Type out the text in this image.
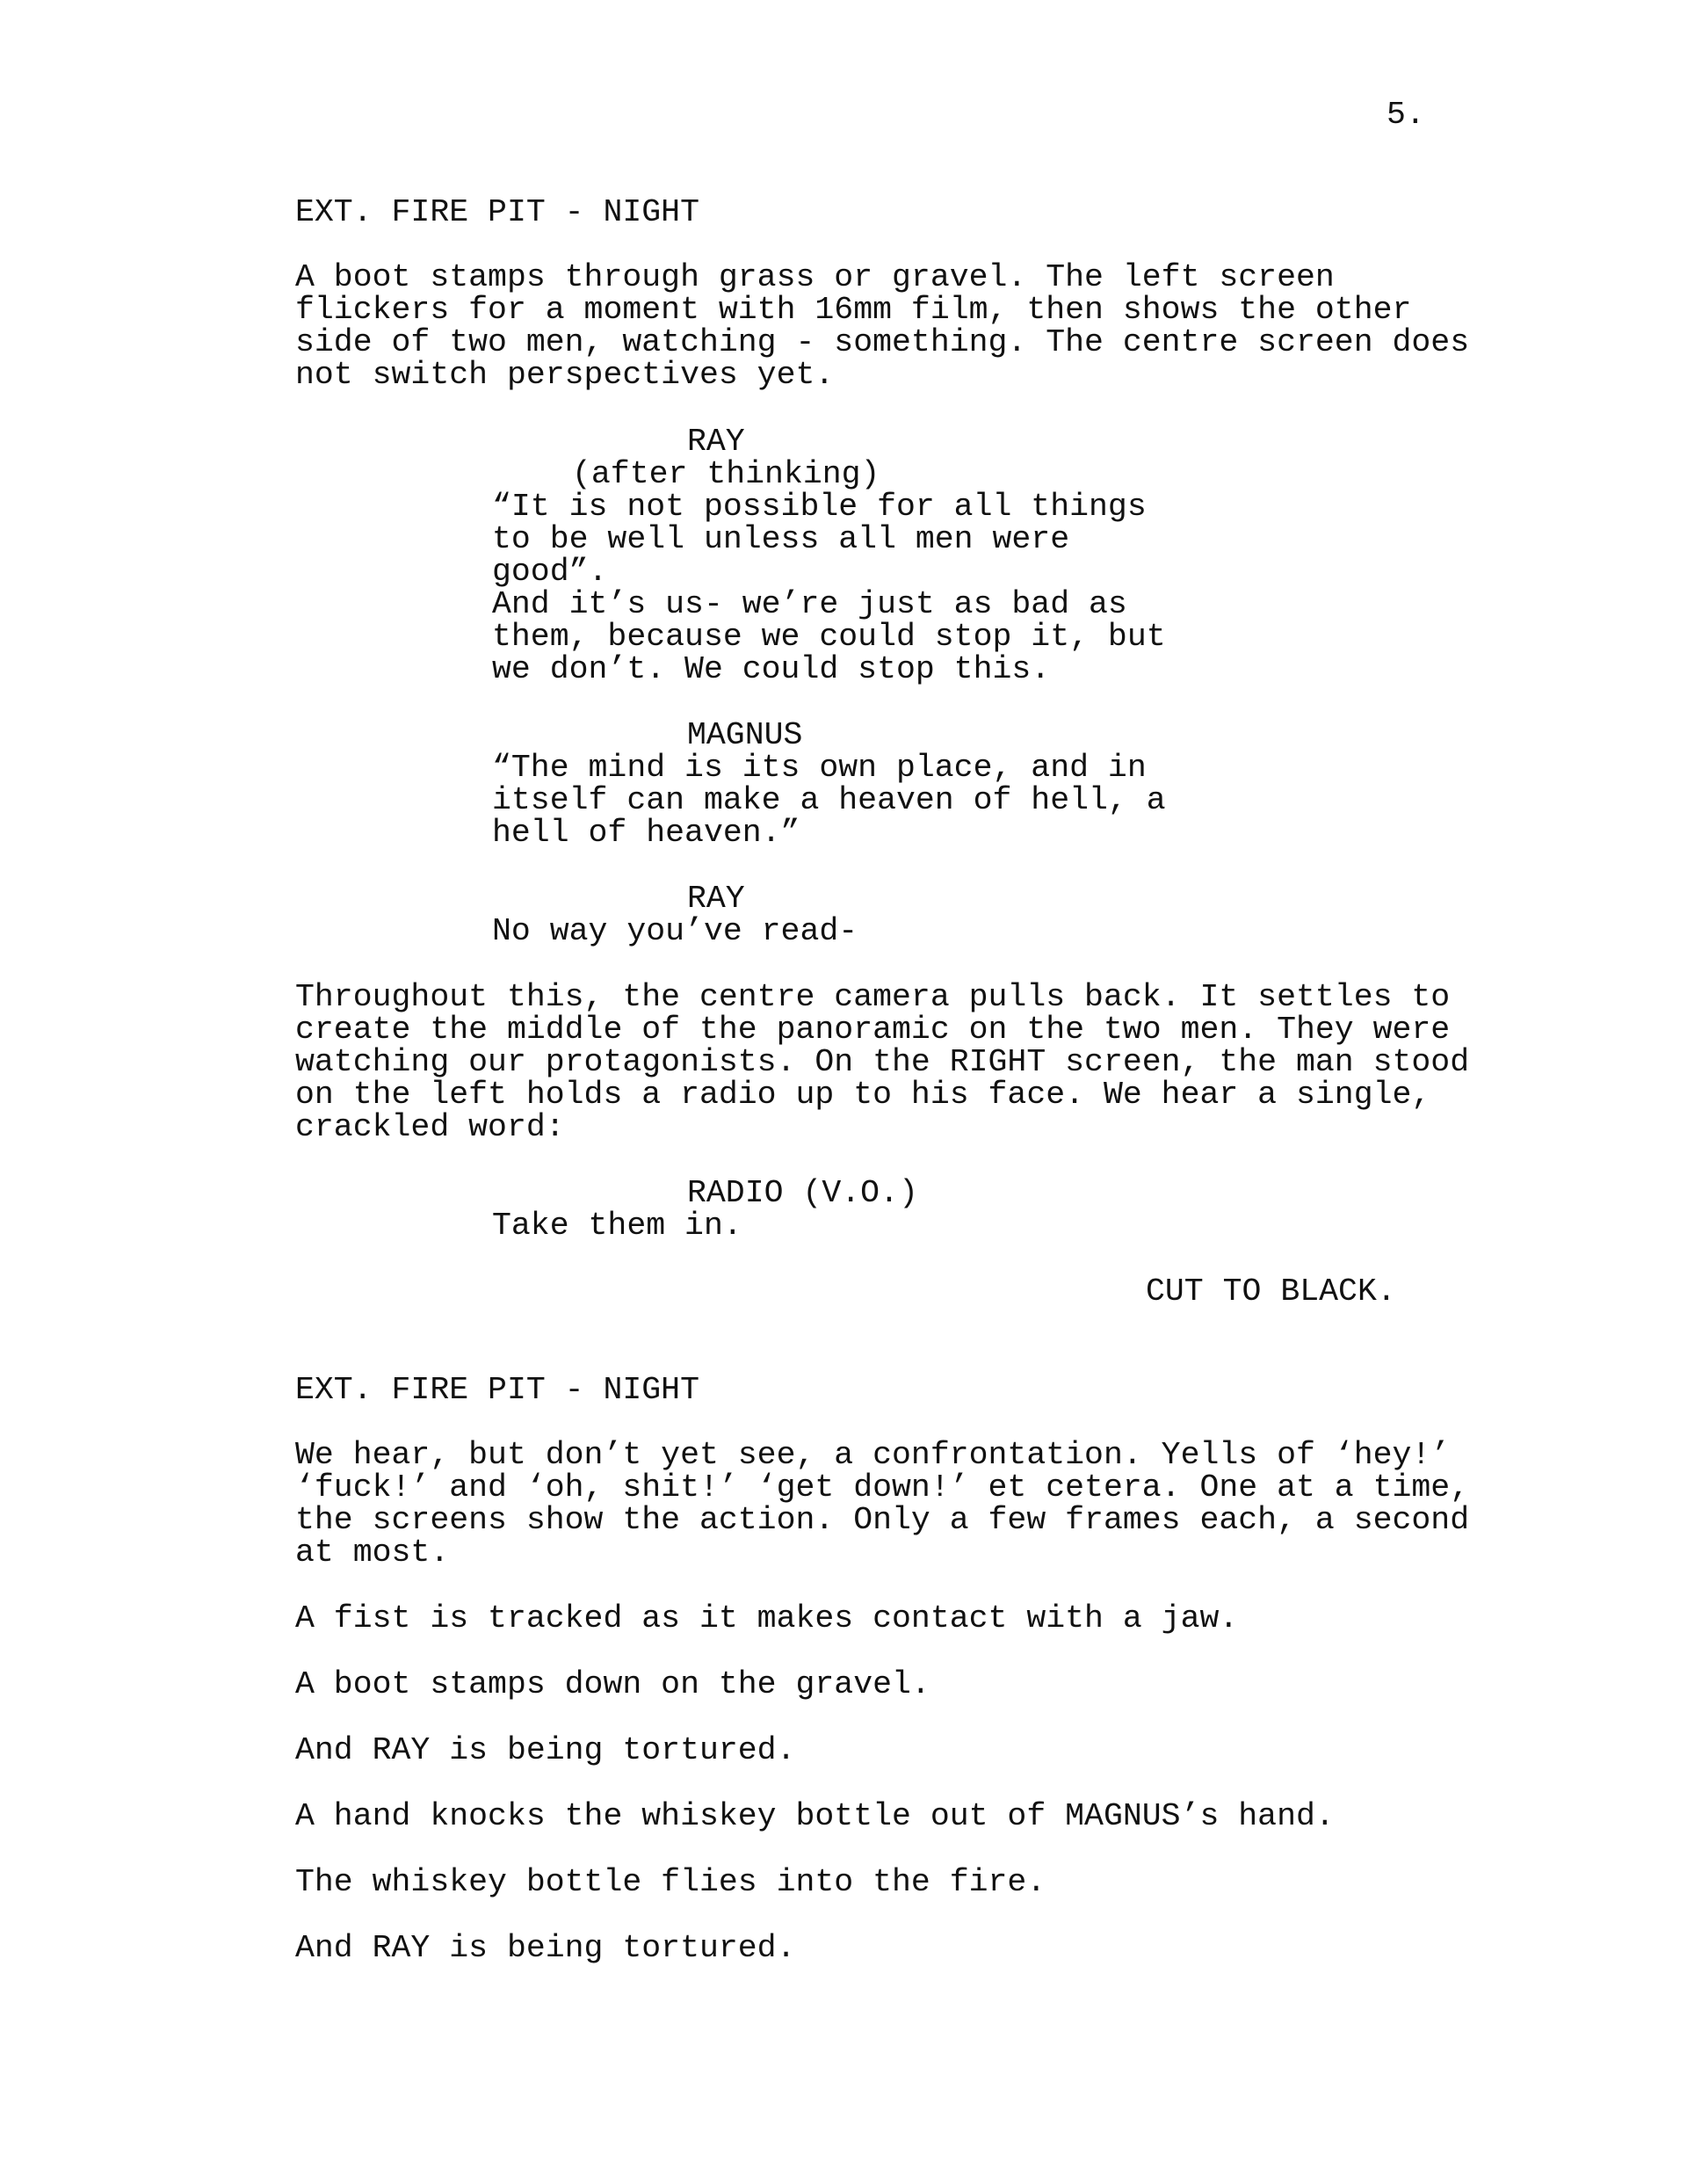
5.
EXT. FIRE PIT - NIGHT
A boot stamps through grass or gravel. The left screen
flickers for a moment with 16mm film, then shows the other
side of two men, watching - something. The centre screen does
not switch perspectives yet.
RAY
(after thinking)
“It is not possible for all things
to be well unless all men were
good”.
And it’s us- we’re just as bad as
them, because we could stop it, but
we don’t. We could stop this.
MAGNUS
“The mind is its own place, and in
itself can make a heaven of hell, a
hell of heaven.”
RAY
No way you’ve read-
Throughout this, the centre camera pulls back. It settles to
create the middle of the panoramic on the two men. They were
watching our protagonists. On the RIGHT screen, the man stood
on the left holds a radio up to his face. We hear a single,
crackled word:
RADIO (V.O.)
Take them in.
CUT TO BLACK.
EXT. FIRE PIT - NIGHT
We hear, but don’t yet see, a confrontation. Yells of ‘hey!’
‘fuck!’ and ‘oh, shit!’ ‘get down!’ et cetera. One at a time,
the screens show the action. Only a few frames each, a second
at most.
A fist is tracked as it makes contact with a jaw.
A boot stamps down on the gravel.
And RAY is being tortured.
A hand knocks the whiskey bottle out of MAGNUS’s hand.
The whiskey bottle flies into the fire.
And RAY is being tortured.
